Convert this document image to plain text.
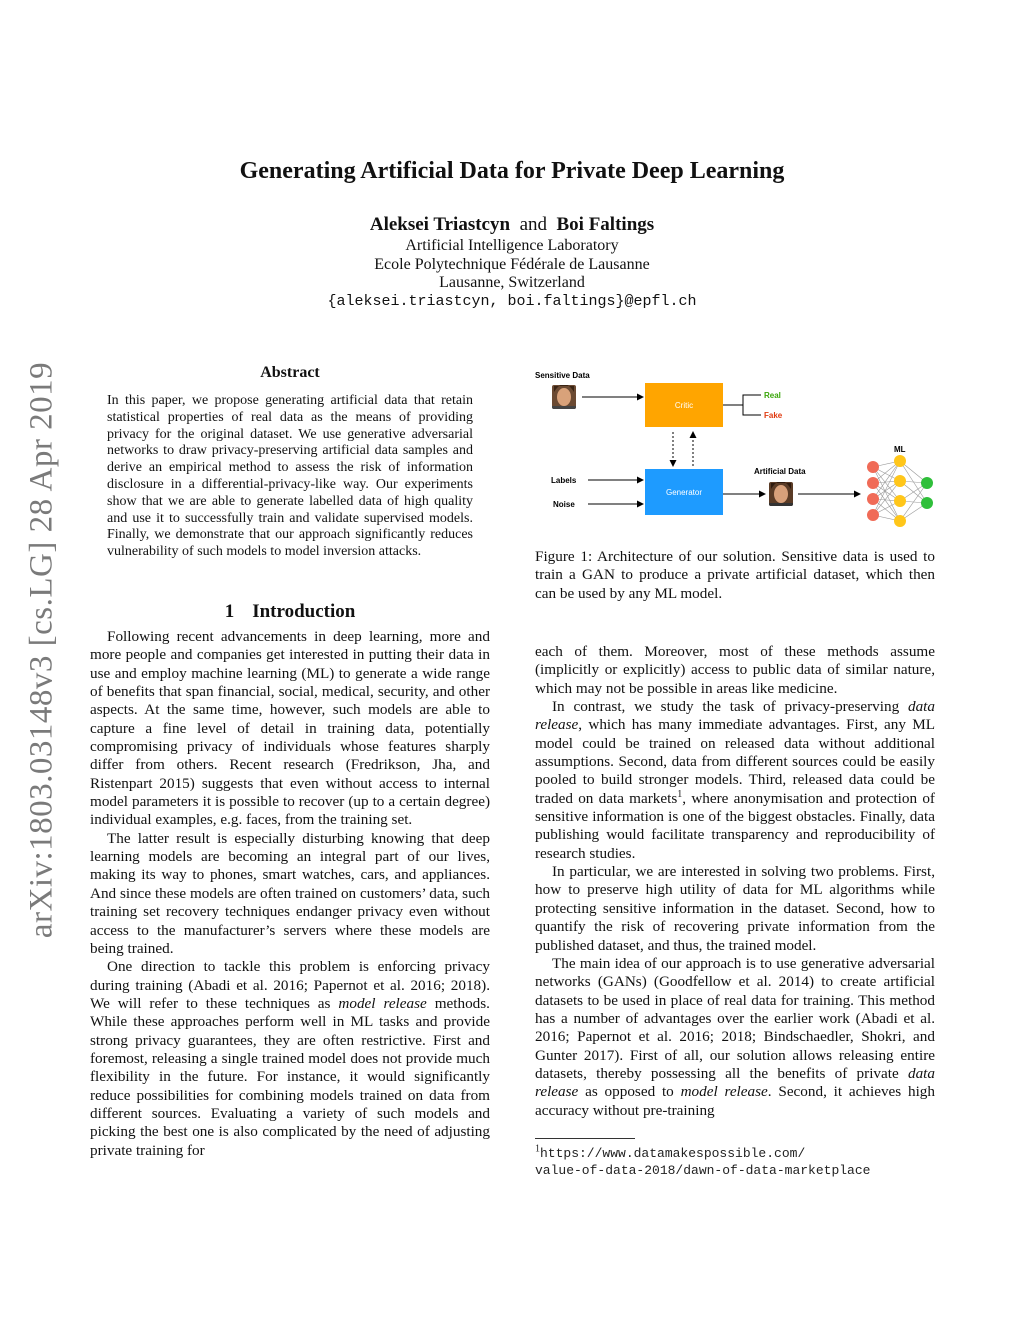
arXiv:1803.03148v3 [cs.LG] 28 Apr 2019
Generating Artificial Data for Private Deep Learning
Aleksei Triastcyn and Boi Faltings
Artificial Intelligence Laboratory
Ecole Polytechnique Fédérale de Lausanne
Lausanne, Switzerland
{aleksei.triastcyn, boi.faltings}@epfl.ch
Abstract
In this paper, we propose generating artificial data that retain statistical properties of real data as the means of providing privacy for the original dataset. We use generative adversarial networks to draw privacy-preserving artificial data samples and derive an empirical method to assess the risk of information disclosure in a differential-privacy-like way. Our experiments show that we are able to generate labelled data of high quality and use it to successfully train and validate supervised models. Finally, we demonstrate that our approach significantly reduces vulnerability of such models to model inversion attacks.
1 Introduction

Following recent advancements in deep learning, more and more people and companies get interested in putting their data in use and employ machine learning (ML) to generate a wide range of benefits that span financial, social, medical, security, and other aspects. At the same time, however, such models are able to capture a fine level of detail in training data, potentially compromising privacy of individuals whose features sharply differ from others. Recent research (Fredrikson, Jha, and Ristenpart 2015) suggests that even without access to internal model parameters it is possible to recover (up to a certain degree) individual examples, e.g. faces, from the training set.

The latter result is especially disturbing knowing that deep learning models are becoming an integral part of our lives, making its way to phones, smart watches, cars, and appliances. And since these models are often trained on customers’ data, such training set recovery techniques endanger privacy even without access to the manufacturer’s servers where these models are being trained.

One direction to tackle this problem is enforcing privacy during training (Abadi et al. 2016; Papernot et al. 2016; 2018). We will refer to these techniques as model release methods. While these approaches perform well in ML tasks and provide strong privacy guarantees, they are often restrictive. First and foremost, releasing a single trained model does not provide much flexibility in the future. For instance, it would significantly reduce possibilities for combining models trained on data from different sources. Evaluating a variety of such models and picking the best one is also complicated by the need of adjusting private training for

Sensitive Data
Critic
Real
Fake
Labels
Noise
Generator
Artificial Data
ML
Figure 1: Architecture of our solution. Sensitive data is used to train a GAN to produce a private artificial dataset, which then can be used by any ML model.

each of them. Moreover, most of these methods assume (implicitly or explicitly) access to public data of similar nature, which may not be possible in areas like medicine.

In contrast, we study the task of privacy-preserving data release, which has many immediate advantages. First, any ML model could be trained on released data without additional assumptions. Second, data from different sources could be easily pooled to build stronger models. Third, released data could be traded on data markets$^1$, where anonymisation and protection of sensitive information is one of the biggest obstacles. Finally, data publishing would facilitate transparency and reproducibility of research studies.

In particular, we are interested in solving two problems. First, how to preserve high utility of data for ML algorithms while protecting sensitive information in the dataset. Second, how to quantify the risk of recovering private information from the published dataset, and thus, the trained model.

The main idea of our approach is to use generative adversarial networks (GANs) (Goodfellow et al. 2014) to create artificial datasets to be used in place of real data for training. This method has a number of advantages over the earlier work (Abadi et al. 2016; Papernot et al. 2016; 2018; Bindschaedler, Shokri, and Gunter 2017). First of all, our solution allows releasing entire datasets, thereby possessing all the benefits of private data release as opposed to model release. Second, it achieves high accuracy without pre-training

$^1$https://www.datamakespossible.com/
value-of-data-2018/dawn-of-data-marketplace
